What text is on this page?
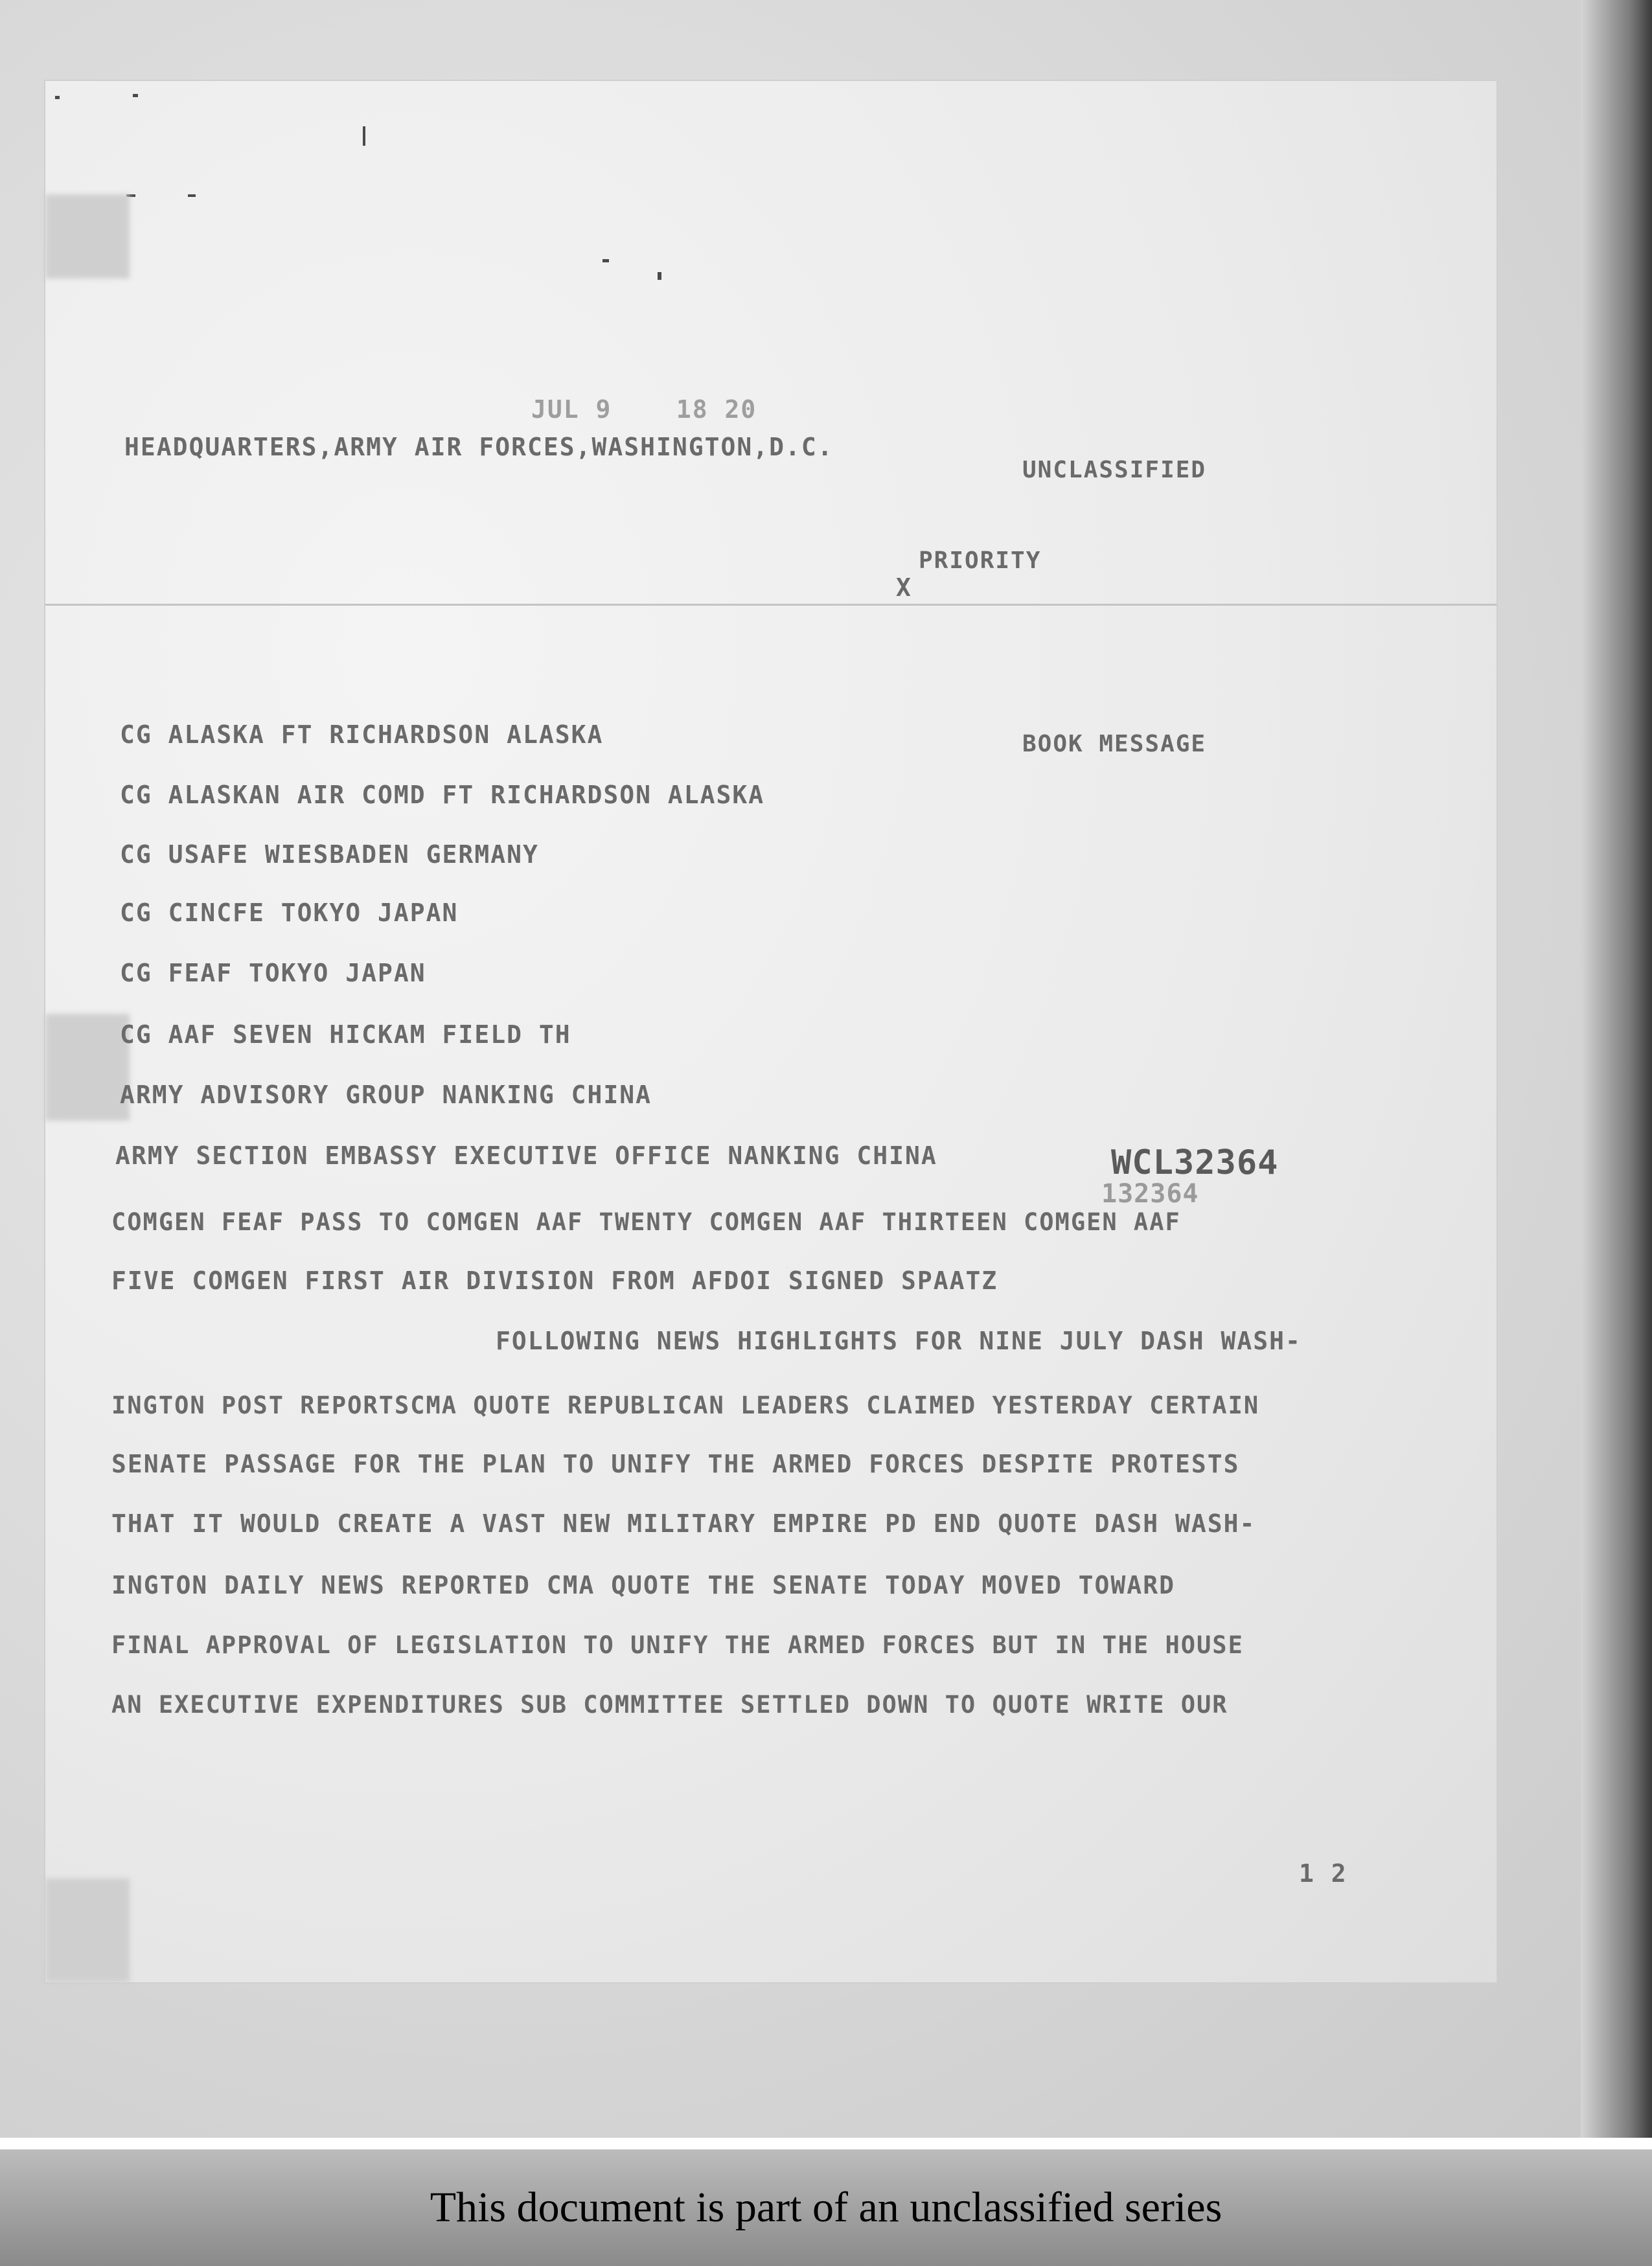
JUL 9    18 20
HEADQUARTERS,ARMY AIR FORCES,WASHINGTON,D.C.
UNCLASSIFIED
PRIORITY
X
CG ALASKA FT RICHARDSON ALASKA	BOOK MESSAGE
CG ALASKAN AIR COMD FT RICHARDSON ALASKA
CG USAFE WIESBADEN GERMANY
CG CINCFE TOKYO JAPAN
CG FEAF TOKYO JAPAN
CG AAF SEVEN HICKAM FIELD TH
ARMY ADVISORY GROUP NANKING CHINA
ARMY SECTION EMBASSY EXECUTIVE OFFICE NANKING CHINA	WCL32364
132364
COMGEN FEAF PASS TO COMGEN AAF TWENTY COMGEN AAF THIRTEEN COMGEN AAF
FIVE COMGEN FIRST AIR DIVISION FROM AFDOI SIGNED SPAATZ
FOLLOWING NEWS HIGHLIGHTS FOR NINE JULY DASH WASH-
INGTON POST REPORTSCMA QUOTE REPUBLICAN LEADERS CLAIMED YESTERDAY CERTAIN
SENATE PASSAGE FOR THE PLAN TO UNIFY THE ARMED FORCES DESPITE PROTESTS
THAT IT WOULD CREATE A VAST NEW MILITARY EMPIRE PD END QUOTE DASH WASH-
INGTON DAILY NEWS REPORTED CMA QUOTE THE SENATE TODAY MOVED TOWARD
FINAL APPROVAL OF LEGISLATION TO UNIFY THE ARMED FORCES BUT IN THE HOUSE
AN EXECUTIVE EXPENDITURES SUB COMMITTEE SETTLED DOWN TO QUOTE WRITE OUR
1 2
This document is part of an unclassified series
